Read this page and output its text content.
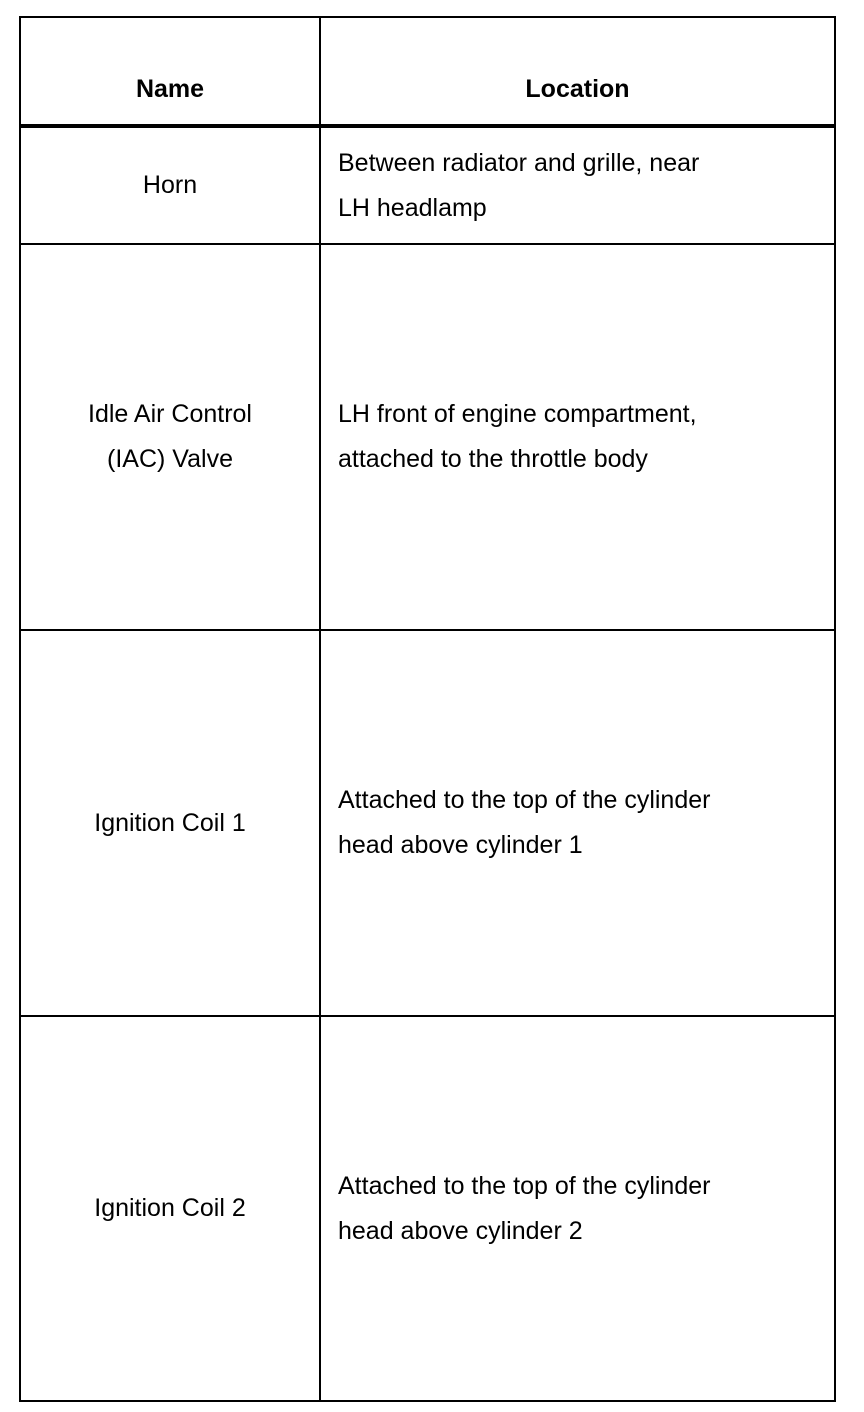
Name	Location
Horn
Between radiator and grille, near
LH headlamp
Idle Air Control
(IAC) Valve
LH front of engine compartment,
attached to the throttle body
Ignition Coil 1
Attached to the top of the cylinder
head above cylinder 1
Ignition Coil 2
Attached to the top of the cylinder
head above cylinder 2
